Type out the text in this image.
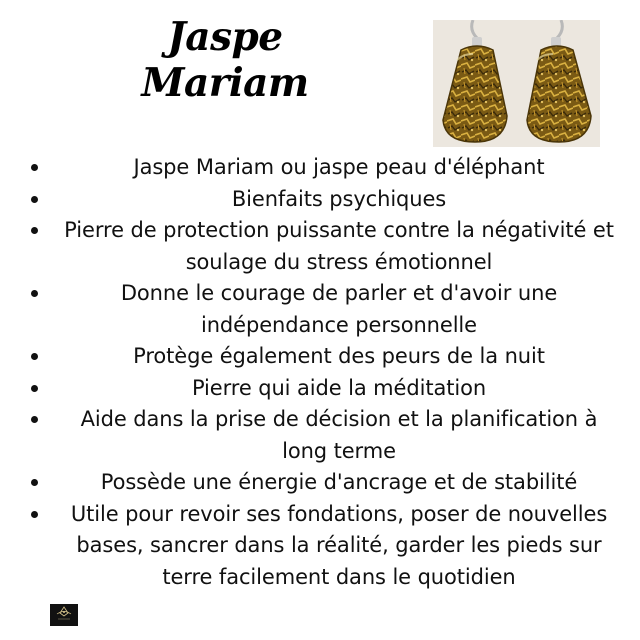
Jaspe
Mariam
Jaspe Mariam ou jaspe peau d'éléphant
Bienfaits psychiques
Pierre de protection puissante contre la négativité et soulage du stress émotionnel
Donne le courage de parler et d'avoir une indépendance personnelle
Protège également des peurs de la nuit
Pierre qui aide la méditation
Aide dans la prise de décision et la planification à long terme
Possède une énergie d'ancrage et de stabilité
Utile pour revoir ses fondations, poser de nouvelles bases, sancrer dans la réalité, garder les pieds sur terre facilement dans le quotidien
